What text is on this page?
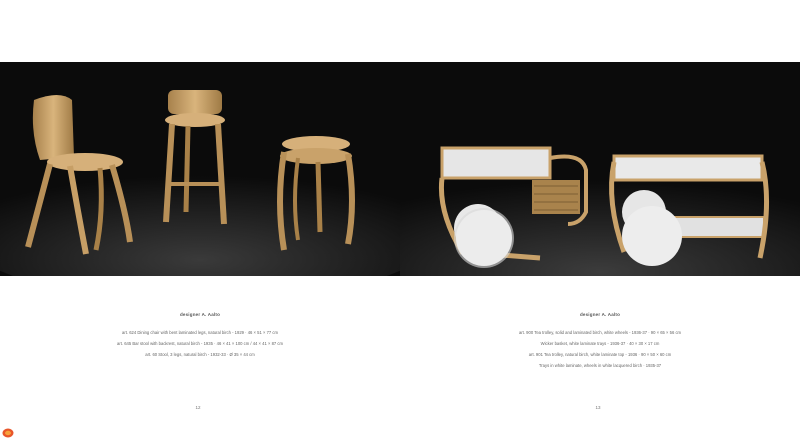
designer A. Aalto
art. 624 Dining chair with bent laminated legs, natural birch - 1929 · 46 × 51 × 77 cm
art. 645 Bar stool with backrest, natural birch - 1935 · 46 × 41 × 100 cm / 44 × 41 × 87 cm
art. 60 Stool, 3 legs, natural birch - 1932-33 · Ø 35 × 44 cm
designer A. Aalto
art. 900 Tea trolley, solid and laminated birch, white wheels - 1936-37 · 90 × 65 × 56 cm
Wicker basket, white laminate trays - 1936-37 · 40 × 30 × 17 cm
art. 901 Tea trolley, natural birch, white laminate top - 1936 · 90 × 50 × 60 cm
Trays in white laminate, wheels in white lacquered birch · 1935-37
12	13
